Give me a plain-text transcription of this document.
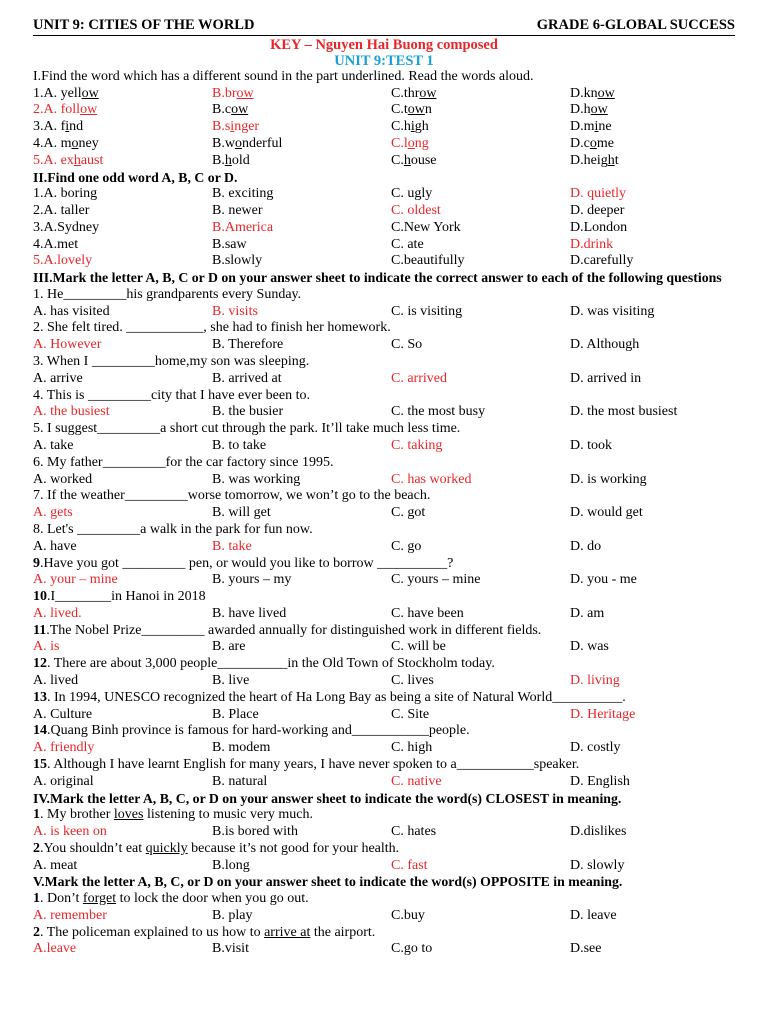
UNIT 9: CITIES OF THE WORLD	GRADE 6-GLOBAL SUCCESS
KEY – Nguyen Hai Buong composed
UNIT 9:TEST 1
I.Find the word which has a different sound in the part underlined. Read the words aloud.
1.A. yellow	B.brow	C.throw	D.know
2.A. follow	B.cow	C.town	D.how
3.A. find	B.singer	C.high	D.mine
4.A. money	B.wonderful	C.long	D.come
5.A. exhaust	B.hold	C.house	D.height
II.Find one odd word A, B, C or D.
1.A. boring	B. exciting	C. ugly	D. quietly
2.A. taller	B. newer	C. oldest	D. deeper
3.A.Sydney	B.America	C.New York	D.London
4.A.met	B.saw	C. ate	D.drink
5.A.lovely	B.slowly	C.beautifully	D.carefully
III.Mark the letter A, B, C or D on your answer sheet to indicate the correct answer to each of the following questions
1. He_________his grandparents every Sunday.
A. has visited	B. visits	C. is visiting	D. was visiting
2. She felt tired. ___________, she had to finish her homework.
A. However	B. Therefore	C. So	D. Although
3. When I _________home,my son was sleeping.
A. arrive	B. arrived at	C. arrived	D. arrived in
4. This is _________city that I have ever been to.
A. the busiest	B. the busier	C. the most busy	D. the most busiest
5. I suggest_________a short cut through the park. It’ll take much less time.
A. take	B. to take	C. taking	D. took
6. My father_________for the car factory since 1995.
A. worked	B. was working	C. has worked	D. is working
7. If the weather_________worse tomorrow, we won’t go to the beach.
A. gets	B. will get	C. got	D. would get
8. Let's _________a walk in the park for fun now.
A. have	B. take	C. go	D. do
9.Have you got _________ pen, or would you like to borrow __________?
A. your – mine	B. yours – my	C. yours – mine	D. you - me
10.I________in Hanoi in 2018
A. lived.	B. have lived	C. have been	D. am
11.The Nobel Prize_________ awarded annually for distinguished work in different fields.
A. is	B. are	C. will be	D. was
12. There are about 3,000 people__________in the Old Town of Stockholm today.
A. lived	B. live	C. lives	D. living
13. In 1994, UNESCO recognized the heart of Ha Long Bay as being a site of Natural World__________.
A. Culture	B. Place	C. Site	D. Heritage
14.Quang Binh province is famous for hard-working and___________people.
A. friendly	B. modem	C. high	D. costly
15. Although I have learnt English for many years, I have never spoken to a___________speaker.
A. original	B. natural	C. native	D. English
IV.Mark the letter A, B, C, or D on your answer sheet to indicate the word(s) CLOSEST in meaning.
1. My brother loves listening to music very much.
A. is keen on	B.is bored with	C. hates	D.dislikes
2.You shouldn’t eat quickly because it’s not good for your health.
A. meat	B.long	C. fast	D. slowly
V.Mark the letter A, B, C, or D on your answer sheet to indicate the word(s) OPPOSITE in meaning.
1. Don’t forget to lock the door when you go out.
A. remember	B. play	C.buy	D. leave
2. The policeman explained to us how to arrive at the airport.
A.leave	B.visit	C.go to	D.see
